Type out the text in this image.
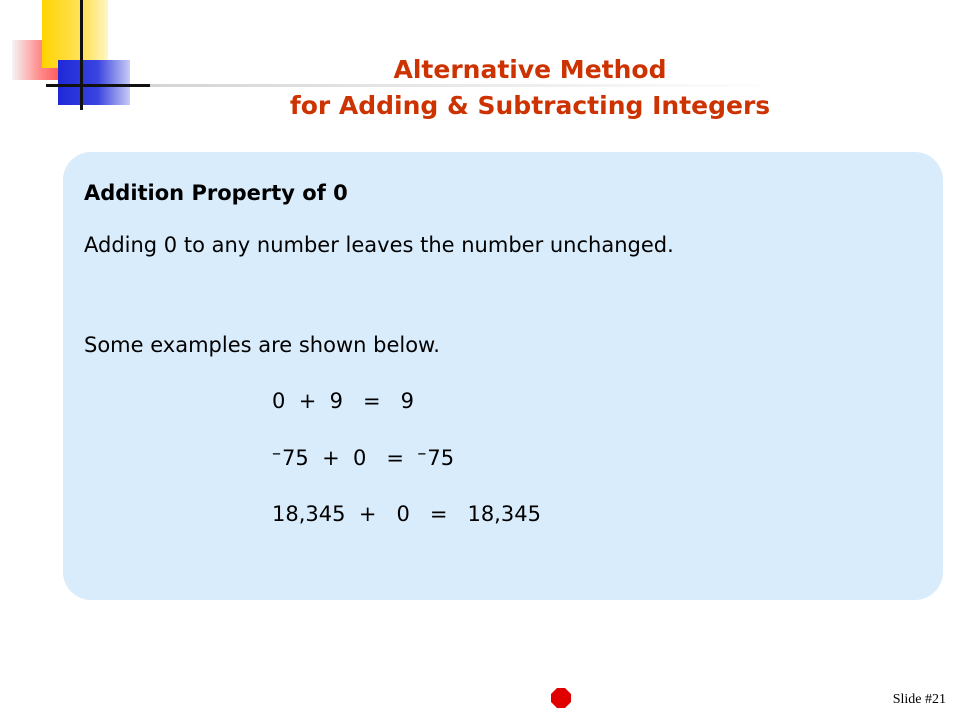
Alternative Method
for Adding & Subtracting Integers

Addition Property of 0

Adding 0 to any number leaves the number unchanged.

Some examples are shown below.

0  +  9   =   9

–75  +  0   =  –75

18,345  +   0   =   18,345

Slide #21
